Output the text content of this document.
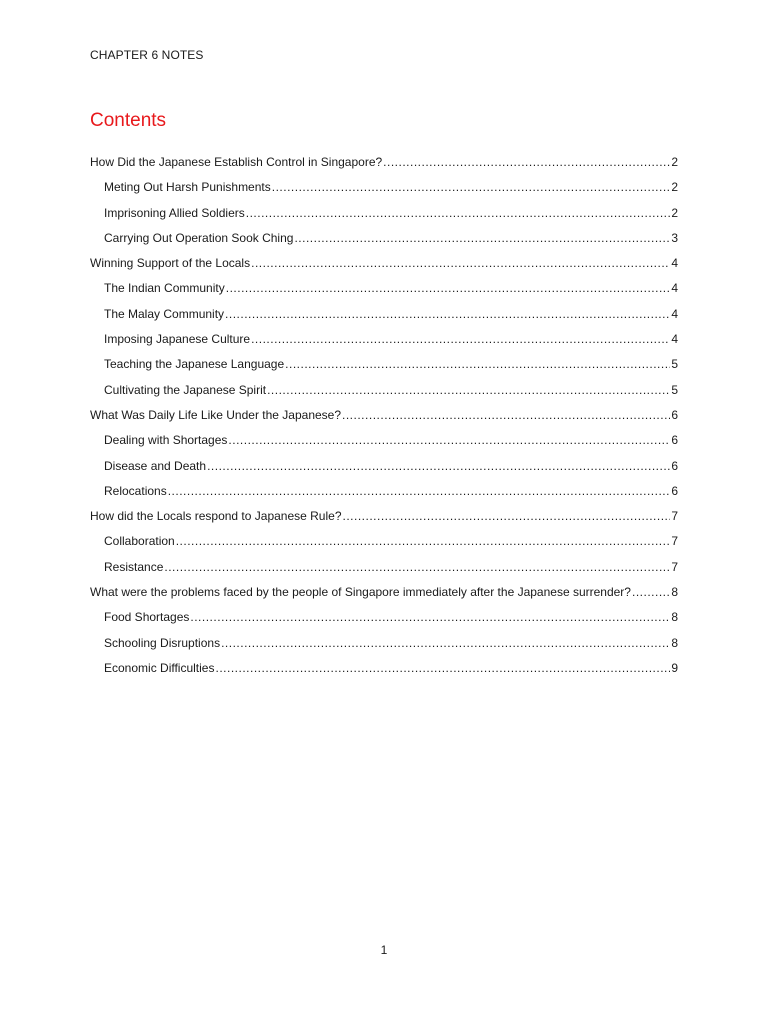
CHAPTER 6 NOTES
Contents
How Did the Japanese Establish Control in Singapore? .....	2
Meting Out Harsh Punishments .....	2
Imprisoning Allied Soldiers .....	2
Carrying Out Operation Sook Ching .....	3
Winning Support of the Locals .....	4
The Indian Community .....	4
The Malay Community .....	4
Imposing Japanese Culture .....	4
Teaching the Japanese Language .....	5
Cultivating the Japanese Spirit .....	5
What Was Daily Life Like Under the Japanese? .....	6
Dealing with Shortages .....	6
Disease and Death .....	6
Relocations .....	6
How did the Locals respond to Japanese Rule? .....	7
Collaboration .....	7
Resistance .....	7
What were the problems faced by the people of Singapore immediately after the Japanese surrender? .....	8
Food Shortages .....	8
Schooling Disruptions .....	8
Economic Difficulties .....	9
1
